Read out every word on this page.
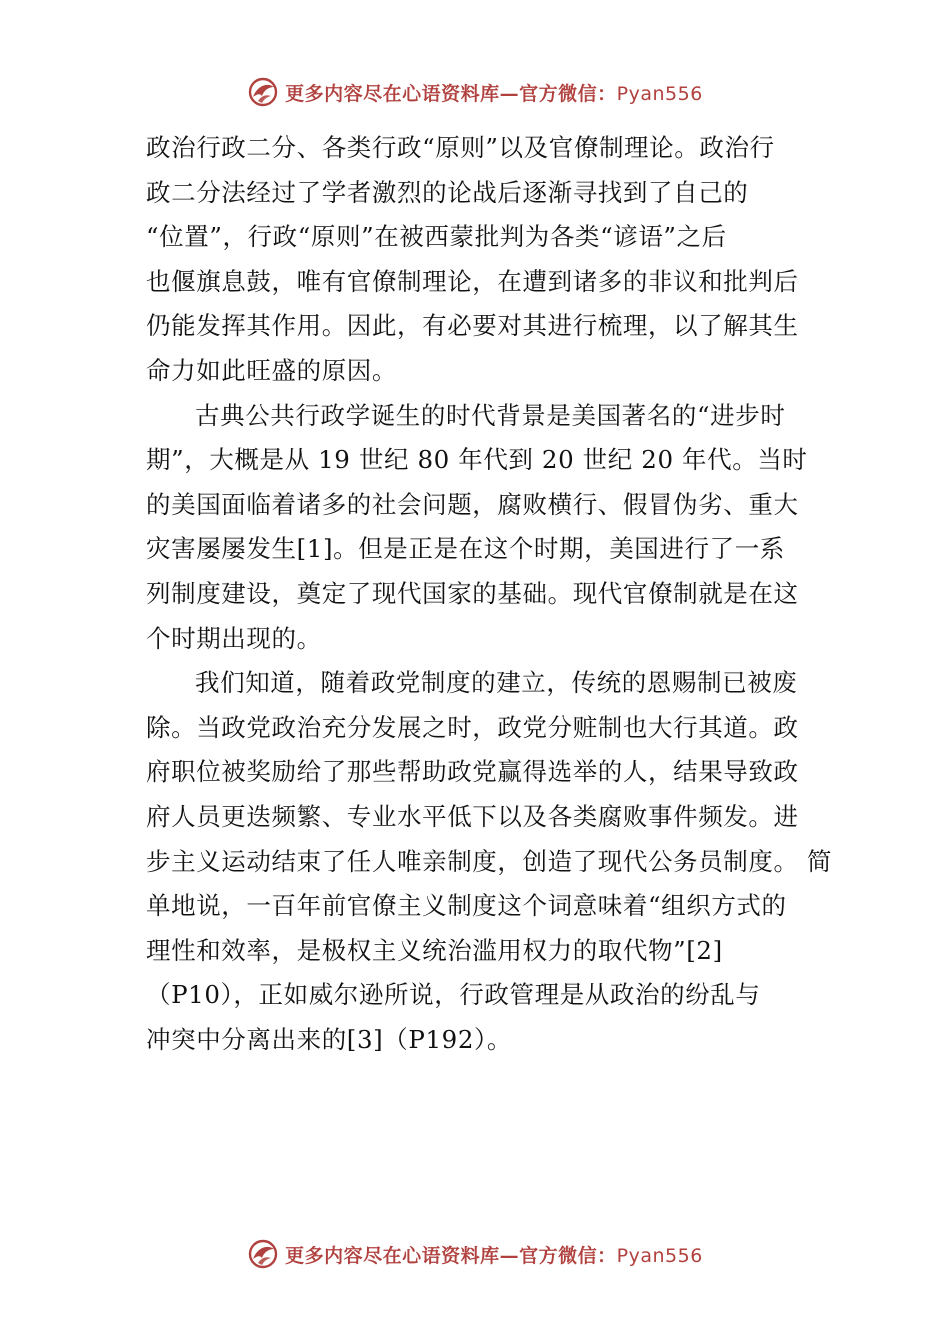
更多内容尽在心语资料库—官方微信：Pyan556
政治行政二分、各类行政“原则”以及官僚制理论。政治行
政二分法经过了学者激烈的论战后逐渐寻找到了自己的
“位置”，行政“原则”在被西蒙批判为各类“谚语”之后
也偃旗息鼓，唯有官僚制理论，在遭到诸多的非议和批判后
仍能发挥其作用。因此，有必要对其进行梳理，以了解其生
命力如此旺盛的原因。
古典公共行政学诞生的时代背景是美国著名的“进步时
期”，大概是从 19 世纪 80 年代到 20 世纪 20 年代。当时
的美国面临着诸多的社会问题，腐败横行、假冒伪劣、重大
灾害屡屡发生[1]。但是正是在这个时期，美国进行了一系
列制度建设，奠定了现代国家的基础。现代官僚制就是在这
个时期出现的。
我们知道，随着政党制度的建立，传统的恩赐制已被废
除。当政党政治充分发展之时，政党分赃制也大行其道。政
府职位被奖励给了那些帮助政党赢得选举的人，结果导致政
府人员更迭频繁、专业水平低下以及各类腐败事件频发。进
步主义运动结束了任人唯亲制度，创造了现代公务员制度。 简
单地说，一百年前官僚主义制度这个词意味着“组织方式的
理性和效率，是极权主义统治滥用权力的取代物”[2]
（P10），正如威尔逊所说，行政管理是从政治的纷乱与
冲突中分离出来的[3]（P192）。
更多内容尽在心语资料库—官方微信：Pyan556
